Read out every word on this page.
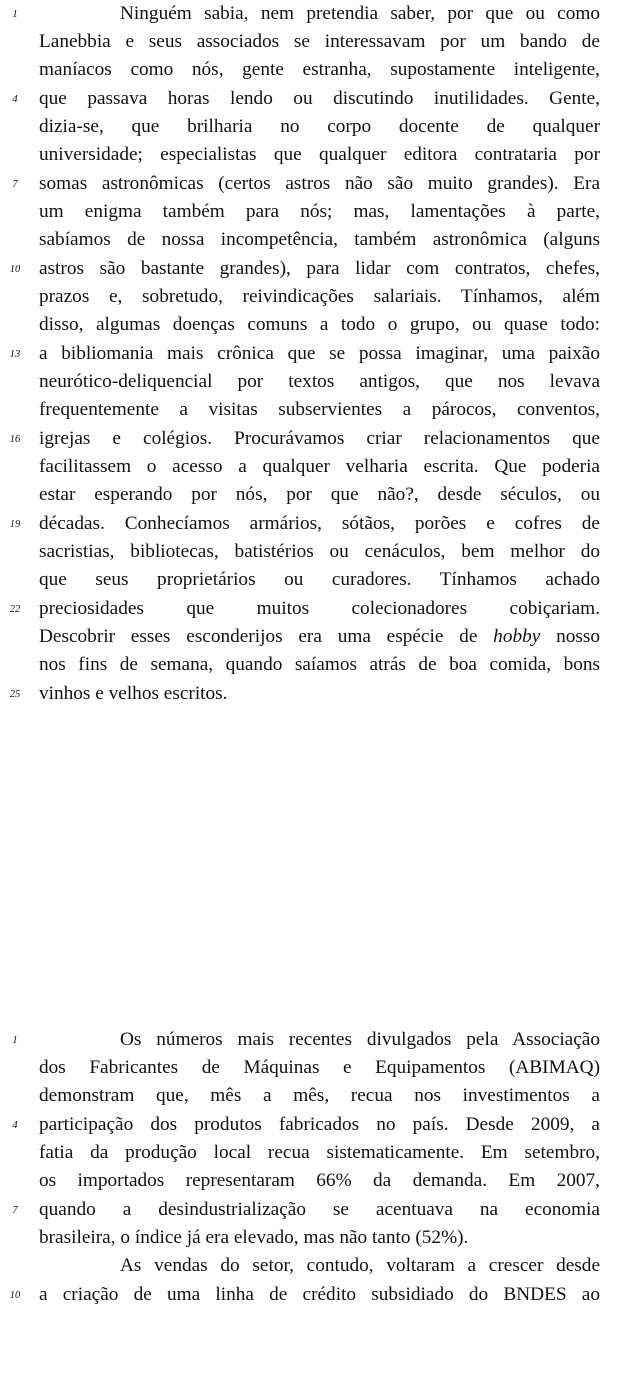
Ninguém sabia, nem pretendia saber, por que ou como
1
Lanebbia e seus associados se interessavam por um bando de
maníacos como nós, gente estranha, supostamente inteligente,
que passava horas lendo ou discutindo inutilidades. Gente,
4
dizia-se, que brilharia no corpo docente de qualquer
universidade; especialistas que qualquer editora contrataria por
somas astronômicas (certos astros não são muito grandes). Era
7
um enigma também para nós; mas, lamentações à parte,
sabíamos de nossa incompetência, também astronômica (alguns
astros são bastante grandes), para lidar com contratos, chefes,
10
prazos e, sobretudo, reivindicações salariais. Tínhamos, além
disso, algumas doenças comuns a todo o grupo, ou quase todo:
a bibliomania mais crônica que se possa imaginar, uma paixão
13
neurótico-deliquencial por textos antigos, que nos levava
frequentemente a visitas subservientes a párocos, conventos,
igrejas e colégios. Procurávamos criar relacionamentos que
16
facilitassem o acesso a qualquer velharia escrita. Que poderia
estar esperando por nós, por que não?, desde séculos, ou
décadas. Conhecíamos armários, sótãos, porões e cofres de
19
sacristias, bibliotecas, batistérios ou cenáculos, bem melhor do
que seus proprietários ou curadores. Tínhamos achado
preciosidades que muitos colecionadores cobiçariam.
22
Descobrir esses esconderijos era uma espécie de hobby nosso
nos fins de semana, quando saíamos atrás de boa comida, bons
vinhos e velhos escritos.
25
Os números mais recentes divulgados pela Associação
1
dos Fabricantes de Máquinas e Equipamentos (ABIMAQ)
demonstram que, mês a mês, recua nos investimentos a
participação dos produtos fabricados no país. Desde 2009, a
4
fatia da produção local recua sistematicamente. Em setembro,
os importados representaram 66% da demanda. Em 2007,
quando a desindustrialização se acentuava na economia
7
brasileira, o índice já era elevado, mas não tanto (52%).
As vendas do setor, contudo, voltaram a crescer desde
a criação de uma linha de crédito subsidiado do BNDES ao
10
